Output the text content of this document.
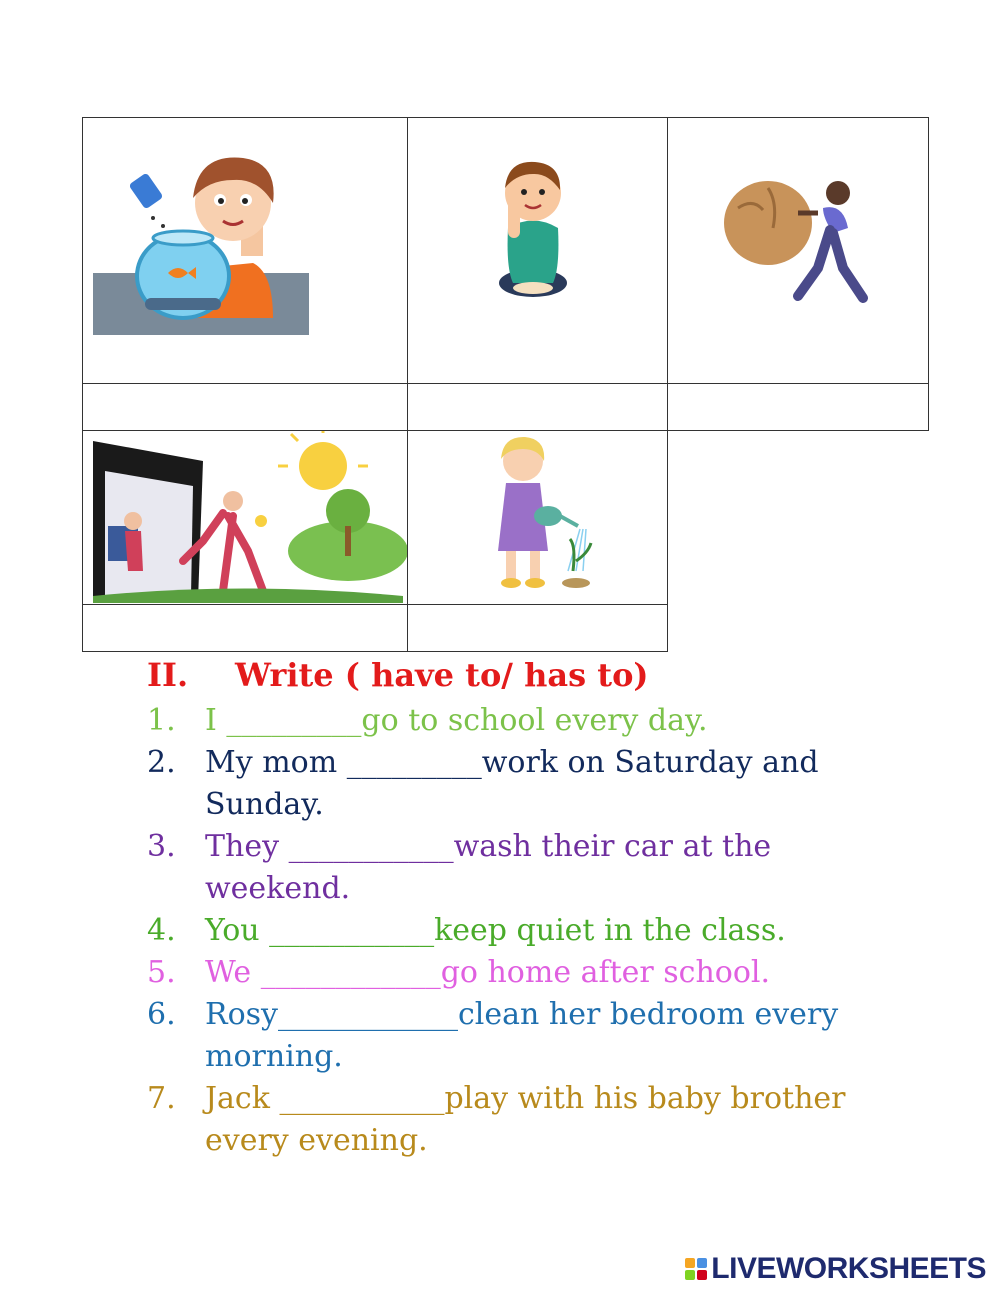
II. Write ( have to/ has to)
1. I _________go to school every day.
2. My mom _________work on Saturday and Sunday.
3. They ___________wash their car at the weekend.
4. You ___________keep quiet in the class.
5. We ____________go home after school.
6. Rosy____________clean her bedroom every morning.
7. Jack ___________play with his baby brother every evening.
LIVEWORKSHEETS
